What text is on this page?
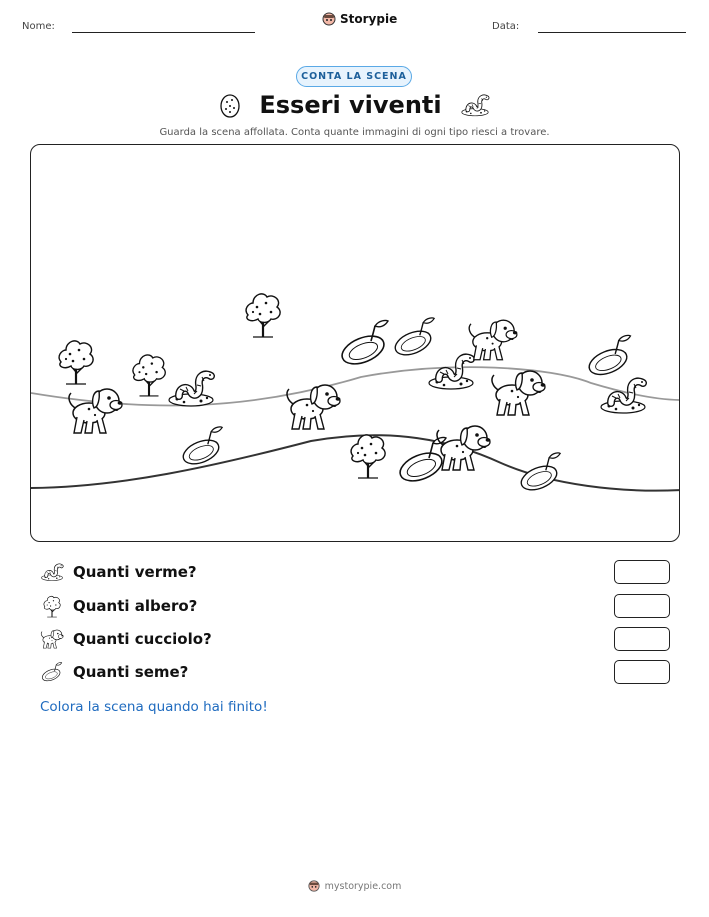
Nome:
Storypie
Data:
CONTA LA SCENA
Esseri viventi
Guarda la scena affollata. Conta quante immagini di ogni tipo riesci a trovare.
Quanti verme?
Quanti albero?
Quanti cucciolo?
Quanti seme?
Colora la scena quando hai finito!
mystorypie.com
